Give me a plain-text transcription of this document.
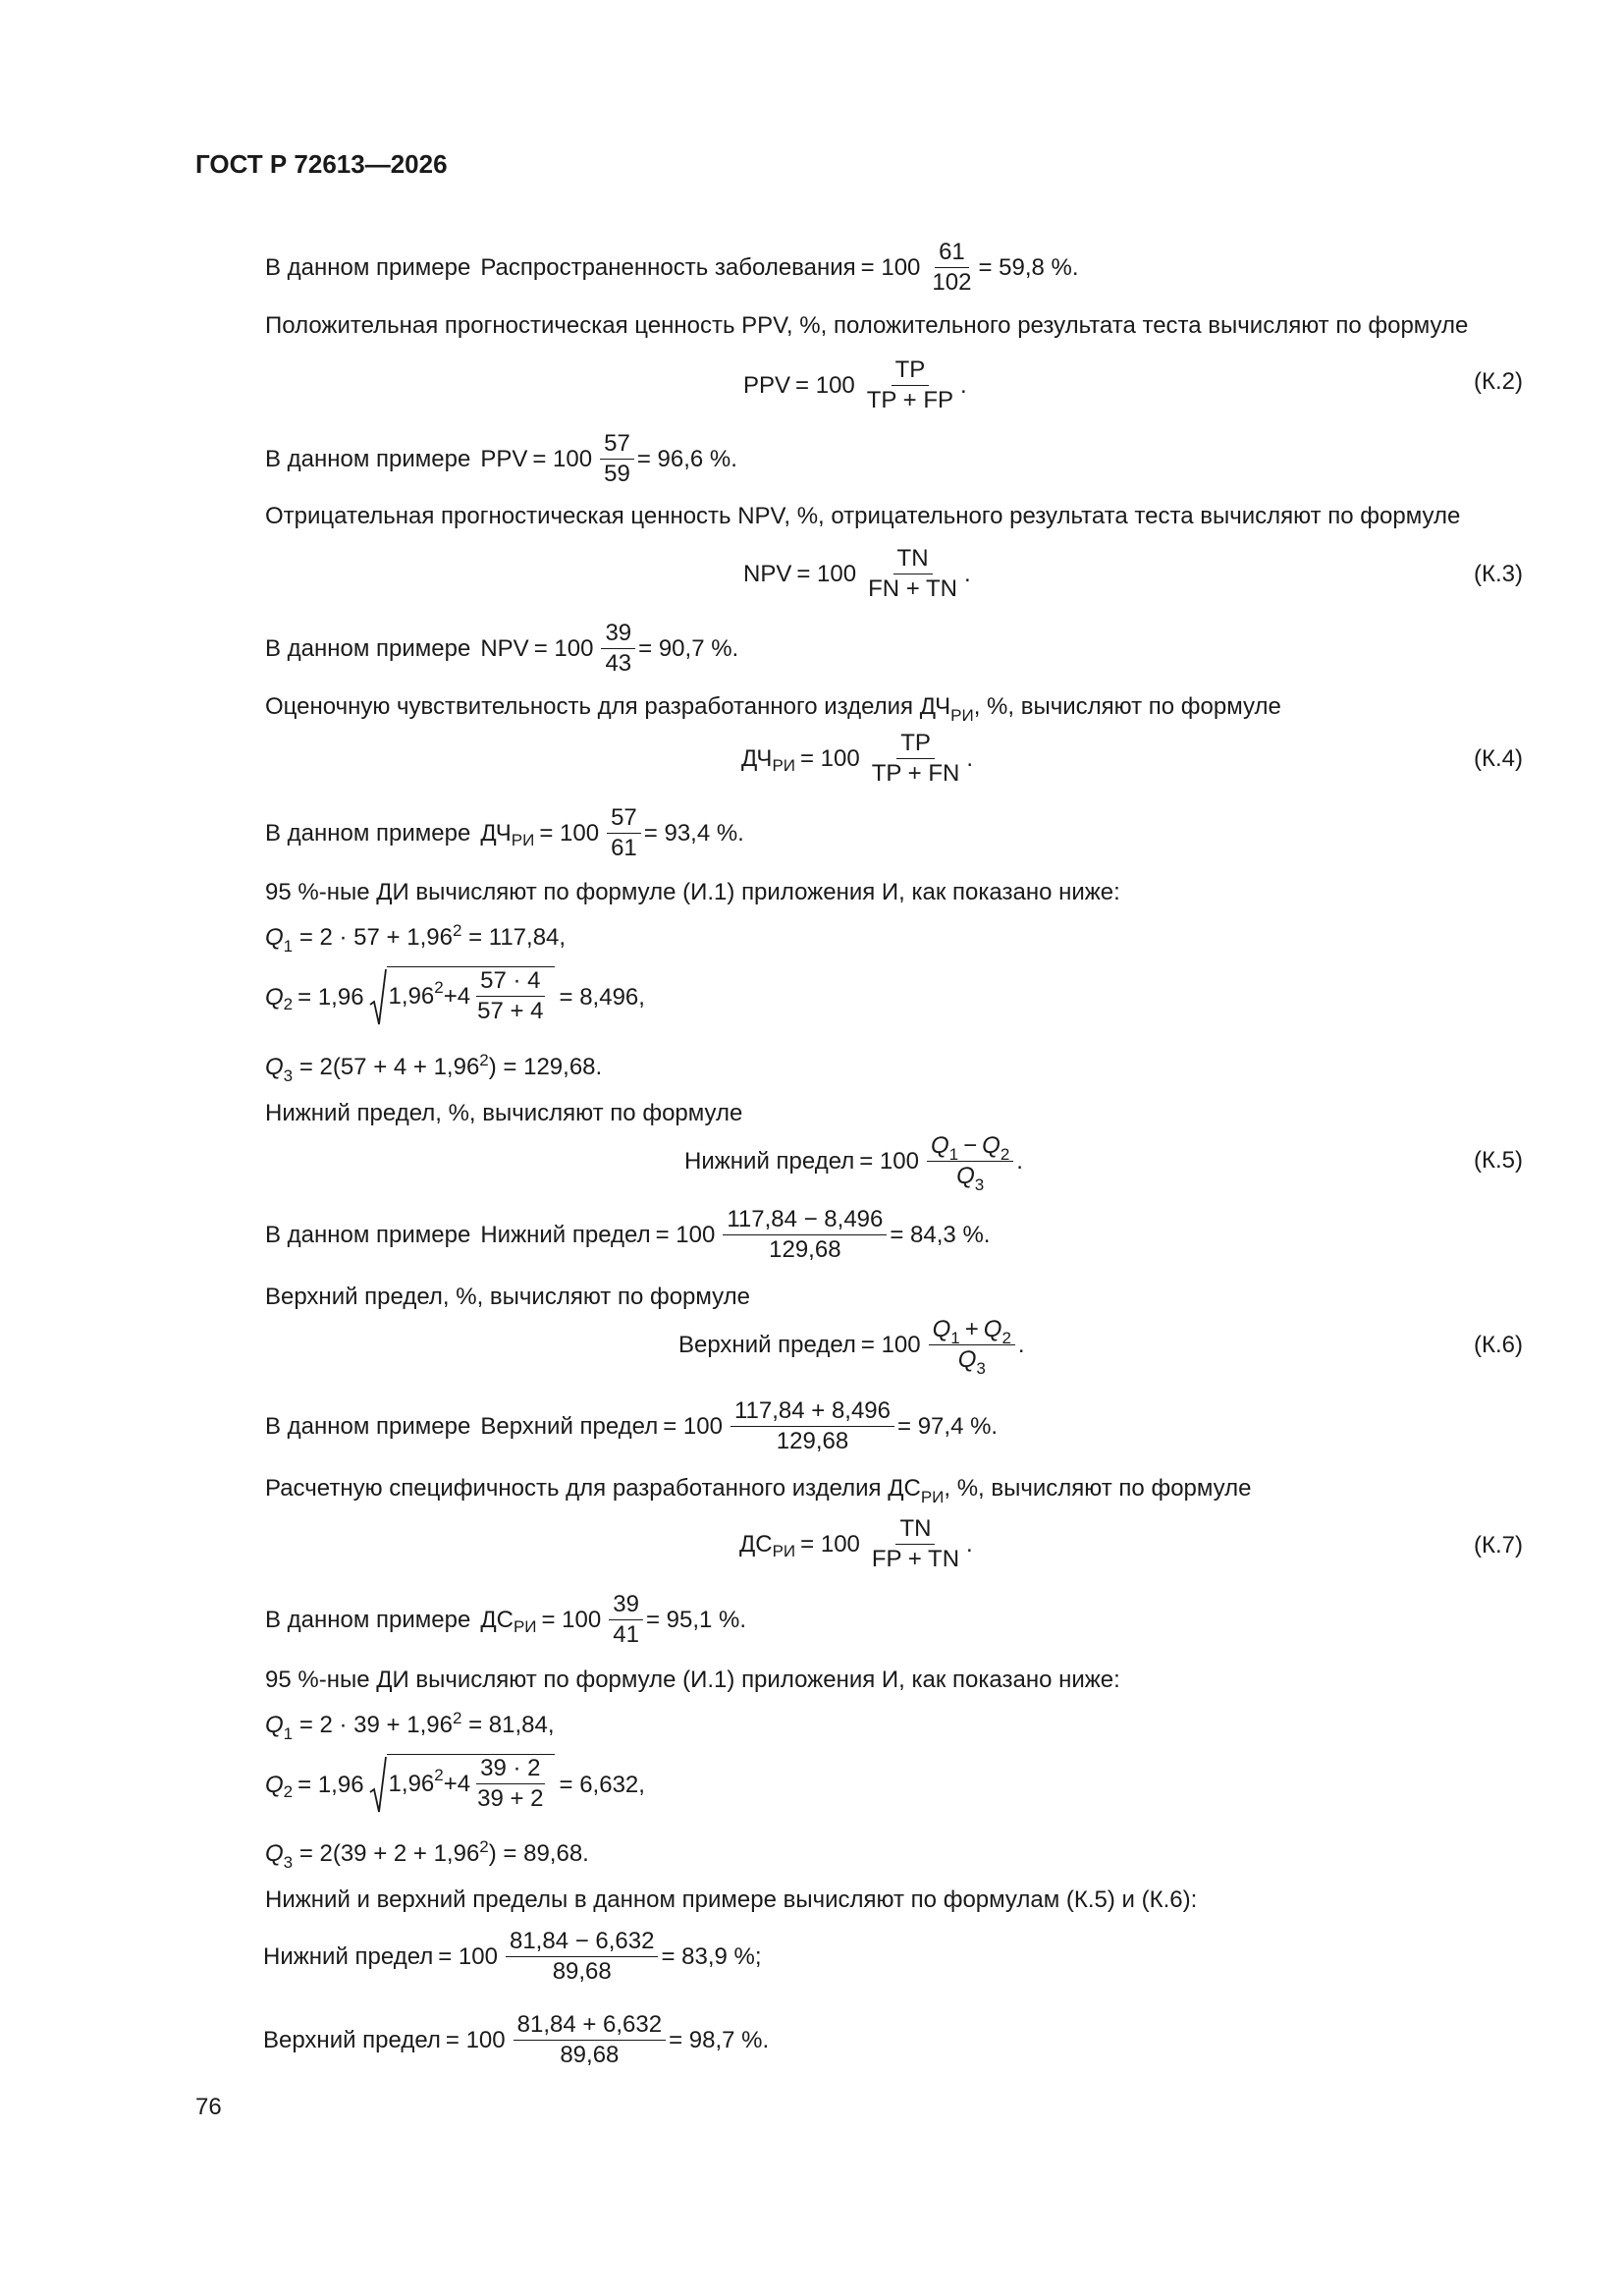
ГОСТ Р 72613—2026
В данном примере Распространенность заболевания = $100 \frac{61}{102} = 59,8$ %.
Положительная прогностическая ценность PPV, %, положительного результата теста вычисляют по формуле
PPV = $100 \frac{TP}{TP + FP}$ .	(К.2)
В данном примере PPV = $100 \frac{57}{59} = 96,6$ %.
Отрицательная прогностическая ценность NPV, %, отрицательного результата теста вычисляют по формуле
NPV = $100 \frac{TN}{FN + TN}$ .	(К.3)
В данном примере NPV = $100 \frac{39}{43} = 90,7$ %.
Оценочную чувствительность для разработанного изделия $ДЧ_{РИ}$, %, вычисляют по формуле
ДЧ РИ = $100 \frac{TP}{TP + FN}$ .	(К.4)
В данном примере ДЧ РИ = $100 \frac{57}{61} = 93,4$ %.
95 %-ные ДИ вычисляют по формуле (И.1) приложения И, как показано ниже:
$Q_1 = 2 \cdot 57 + 1,96^2 = 117,84$,
Q 2 = 1,96 1,96 $2 +4 \frac{57 \cdot 4}{57 + 4} = 8,496$,
$Q_3 = 2(57 + 4 + 1,96^2) = 129,68$.
Нижний предел, %, вычисляют по формуле
Нижний предел = $100 \frac{Q_1 - Q_2}{Q_3}$ .	(К.5)
В данном примере Нижний предел = $100 \frac{117,84 - 8,496}{129,68} = 84,3$ %.
Верхний предел, %, вычисляют по формуле
Верхний предел = $100 \frac{Q_1 + Q_2}{Q_3}$ .	(К.6)
В данном примере Верхний предел = $100 \frac{117,84 + 8,496}{129,68} = 97,4$ %.
Расчетную специфичность для разработанного изделия $ДС_{РИ}$, %, вычисляют по формуле
ДС РИ = $100 \frac{TN}{FP + TN}$ .	(К.7)
В данном примере ДС РИ = $100 \frac{39}{41} = 95,1$ %.
95 %-ные ДИ вычисляют по формуле (И.1) приложения И, как показано ниже:
$Q_1 = 2 \cdot 39 + 1,96^2 = 81,84$,
Q 2 = 1,96 1,96 $2 +4 \frac{39 \cdot 2}{39 + 2} = 6,632$,
$Q_3 = 2(39 + 2 + 1,96^2) = 89,68$.
Нижний и верхний пределы в данном примере вычисляют по формулам (К.5) и (К.6):
Нижний предел = $100 \frac{81,84 - 6,632}{89,68} = 83,9$ %;
Верхний предел = $100 \frac{81,84 + 6,632}{89,68} = 98,7$ %.
76
